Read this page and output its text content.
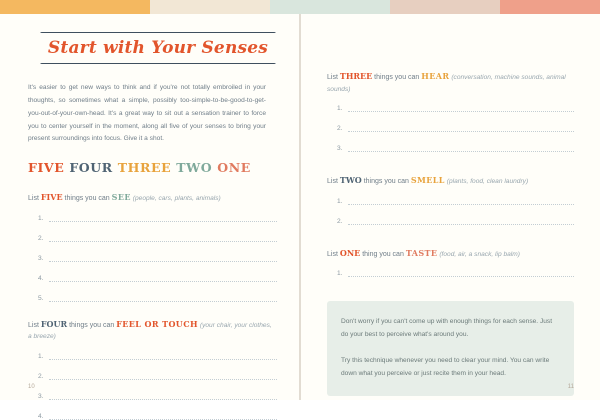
Start with Your Senses
It's easier to get new ways to think and if you're not totally embroiled in your thoughts, so sometimes what a simple, possibly too-simple-to-be-good-to-get-you-out-of-your-own-head. It's a great way to sit out a sensation trainer to force you to center yourself in the moment, along all five of your senses to bring your present surroundings into focus. Give it a shot.
FIVE FOUR THREE TWO ONE
List FIVE things you can SEE (people, cars, plants, animals)
1.
2.
3.
4.
5.
List FOUR things you can FEEL OR TOUCH (your chair, your clothes, a breeze)
1.
2.
3.
4.
10
List THREE things you can HEAR (conversation, machine sounds, animal sounds)
1.
2.
3.
List TWO things you can SMELL (plants, food, clean laundry)
1.
2.
List ONE thing you can TASTE (food, air, a snack, lip balm)
1.

Don't worry if you can't come up with enough things for each sense. Just do your best to perceive what's around you.

Try this technique whenever you need to clear your mind. You can write down what you perceive or just recite them in your head.

11
